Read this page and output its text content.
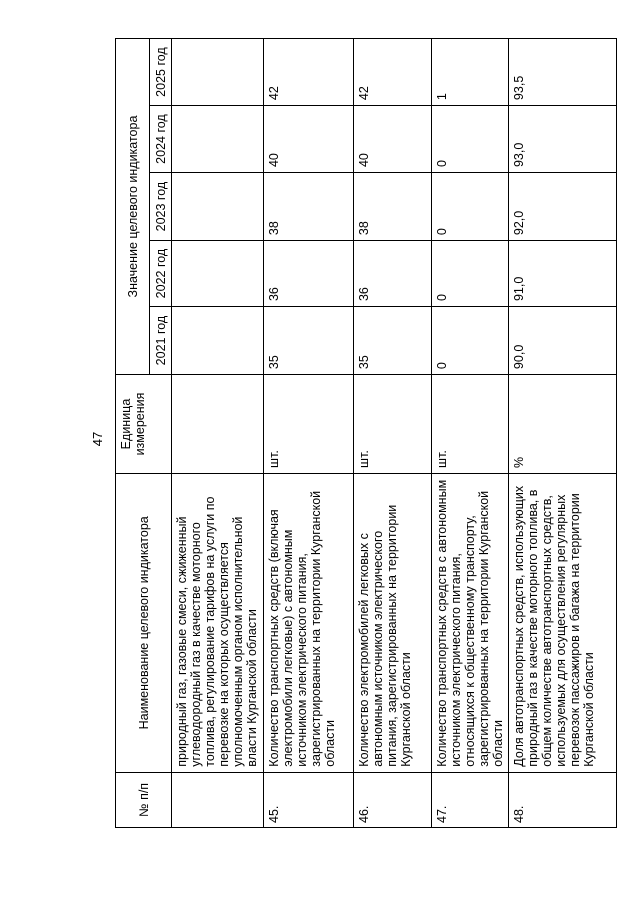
47
№ п/п	Наименование целевого индикатора	Единица измерения	Значение целевого индикатора				
			2021 год	2022 год	2023 год	2024 год	2025 год
	природный газ, газовые смеси, сжиженный углеводородный газ в качестве моторного топлива, регулирование тарифов на услуги по перевозке на которых осуществляется уполномоченным органом исполнительной власти Курганской области						
45.	Количество транспортных средств (включая электромобили легковые) с автономным источником электрического питания, зарегистрированных на территории Курганской области	шт.	35	36	38	40	42
46.	Количество электромобилей легковых с автономным источником электрического питания, зарегистрированных на территории Курганской области	шт.	35	36	38	40	42
47.	Количество транспортных средств с автономным источником электрического питания, относящихся к общественному транспорту, зарегистрированных на территории Курганской области	шт.	0	0	0	0	1
48.	Доля автотранспортных средств, использующих природный газ в качестве моторного топлива, в общем количестве автотранспортных средств, используемых для осуществления регулярных перевозок пассажиров и багажа на территории Курганской области	%	90,0	91,0	92,0	93,0	93,5
